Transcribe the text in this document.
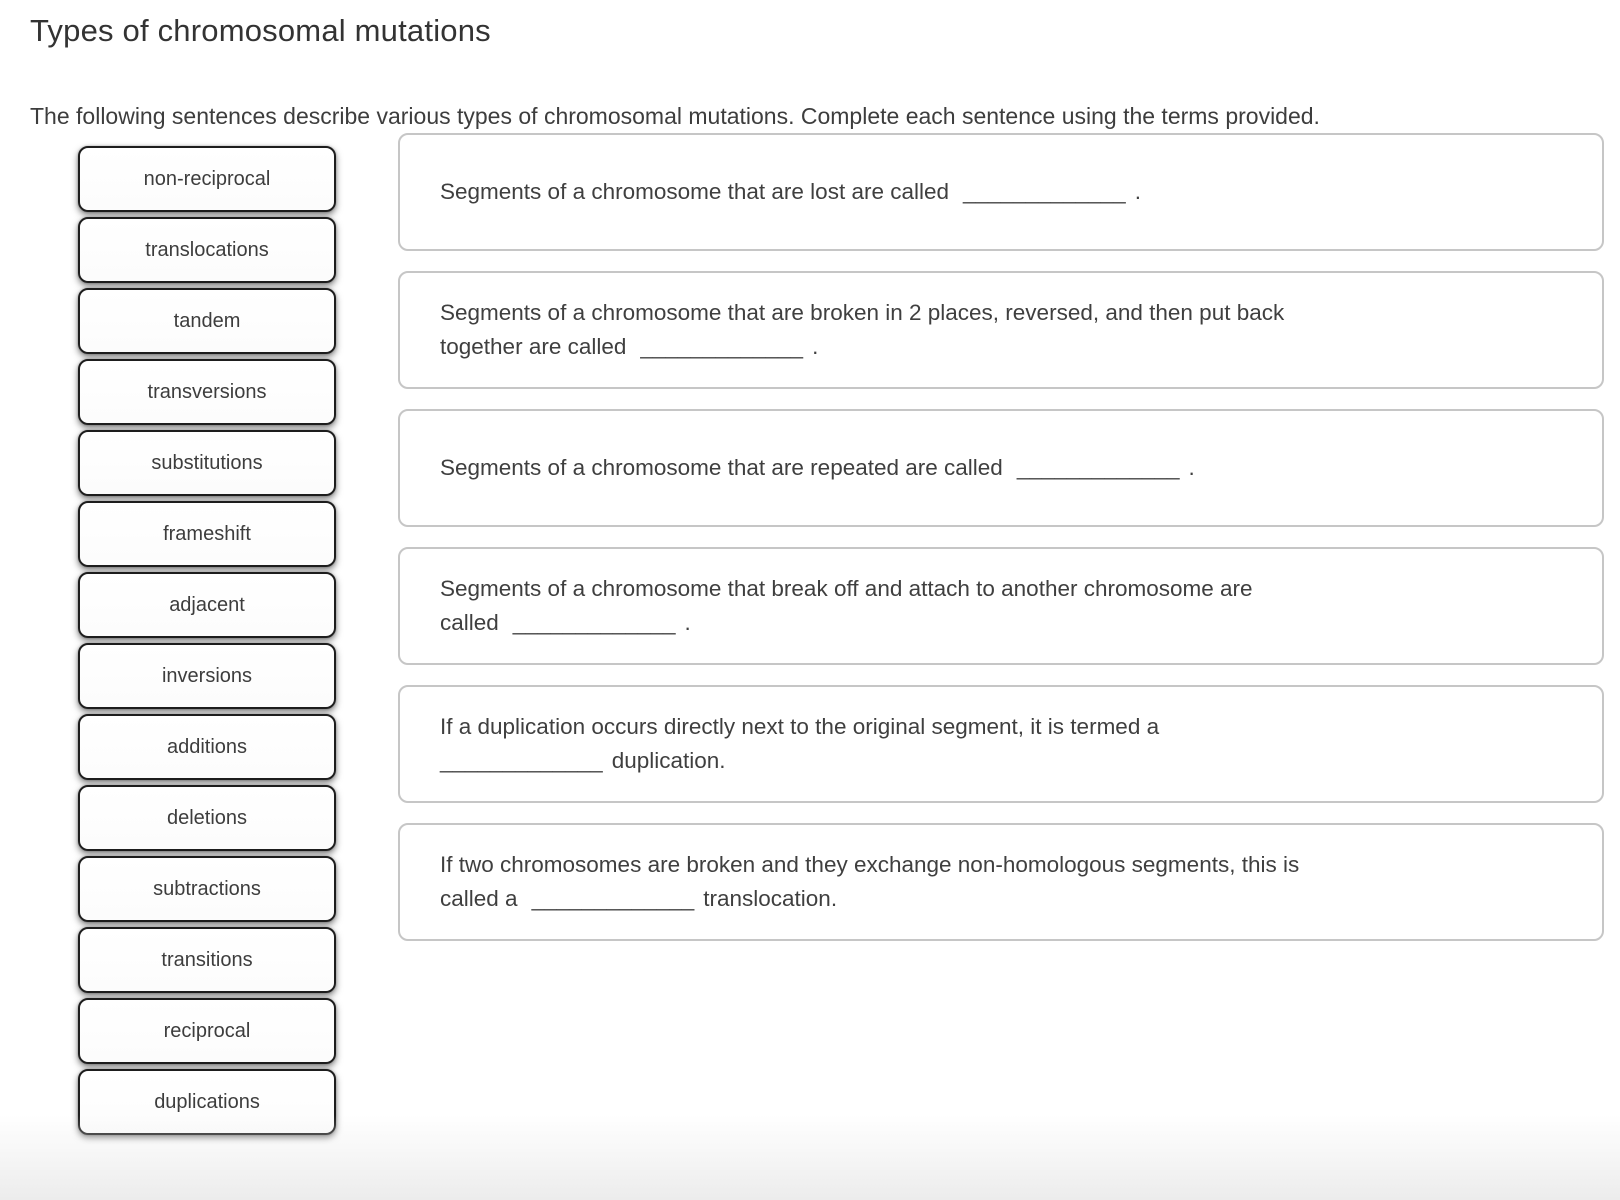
Types of chromosomal mutations

The following sentences describe various types of chromosomal mutations. Complete each sentence using the terms provided.

non-reciprocal
translocations
tandem
transversions
substitutions
frameshift
adjacent
inversions
additions
deletions
subtractions
transitions
reciprocal
duplications
Segments of a chromosome that are lost are called _____________ .
Segments of a chromosome that are broken in 2 places, reversed, and then put back
together are called _____________ .
Segments of a chromosome that are repeated are called _____________ .
Segments of a chromosome that break off and attach to another chromosome are
called _____________ .
If a duplication occurs directly next to the original segment, it is termed a
_____________ duplication.
If two chromosomes are broken and they exchange non-homologous segments, this is
called a _____________ translocation.
